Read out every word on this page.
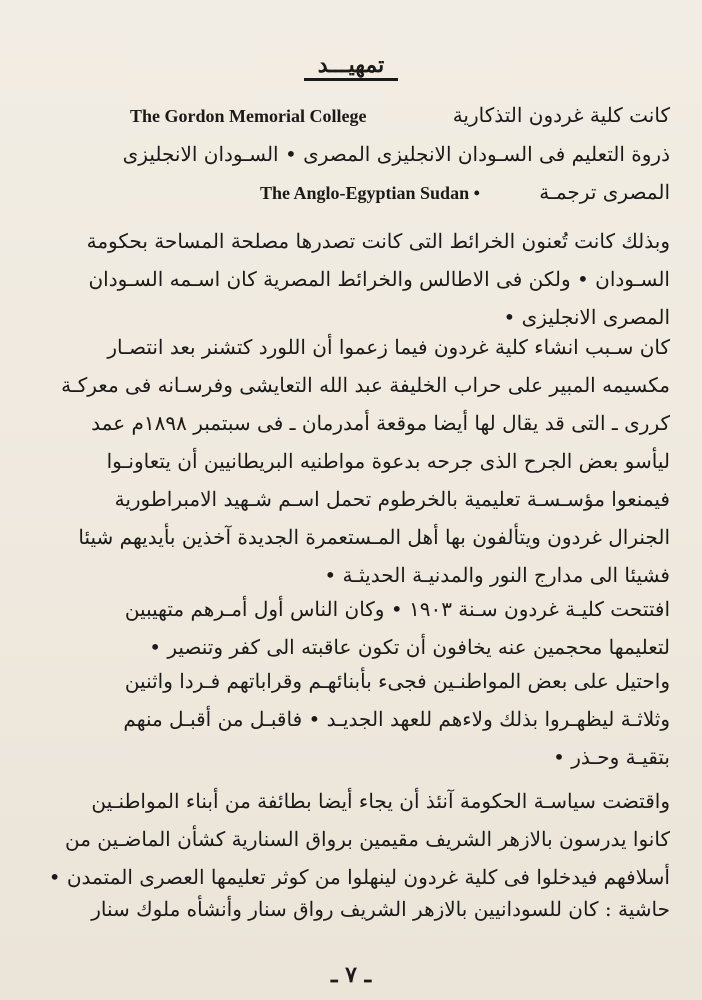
تمهيـــد
كانت كلية غردون التذكارية
The Gordon Memorial College
ذروة التعليم فى السـودان الانجليزى المصرى • السـودان الانجليزى
المصرى ترجمـة
The Anglo-Egyptian Sudan •
وبذلك كانت تُعنون الخرائط التى كانت تصدرها مصلحة المساحة بحكومة
السـودان • ولكن فى الاطالس والخرائط المصرية كان اسـمه السـودان
المصرى الانجليزى •
كان سـبب انشاء كلية غردون فيما زعموا أن اللورد كتشنر بعد انتصـار
مكسيمه المبير على حراب الخليفة عبد الله التعايشى وفرسـانه فى معركـة
كررى ـ التى قد يقال لها أيضا موقعة أمدرمان ـ فى سبتمبر ١٨٩٨م عمد
ليأسو بعض الجرح الذى جرحه بدعوة مواطنيه البريطانيين أن يتعاونـوا
فيمنعوا مؤسـسـة تعليمية بالخرطوم تحمل اسـم شـهيد الامبراطورية
الجنرال غردون ويتألفون بها أهل المـستعمرة الجديدة آخذين بأيديهم شيئا
فشيئا الى مدارج النور والمدنيـة الحديثـة •
افتتحت كليـة غردون سـنة ١٩٠٣ • وكان الناس أول أمـرهم متهيبين
لتعليمها محجمين عنه يخافون أن تكون عاقبته الى كفر وتنصير •
واحتيل على بعض المواطنـين فجىء بأبنائهـم وقراباتهم فـردا واثنين
وثلاثـة ليظهـروا بذلك ولاءهم للعهد الجديـد • فاقبـل من أقبـل منهم
بتقيـة وحـذر •
واقتضت سياسـة الحكومة آنئذ أن يجاء أيضا بطائفة من أبناء المواطنـين
كانوا يدرسون بالازهر الشريف مقيمين برواق السنارية كشأن الماضـين من
أسلافهم فيدخلوا فى كلية غردون لينهلوا من كوثر تعليمها العصرى المتمدن •
حاشية : كان للسودانيين بالازهر الشريف رواق سنار وأنشأه ملوك سنار
ـ ٧ ـ
